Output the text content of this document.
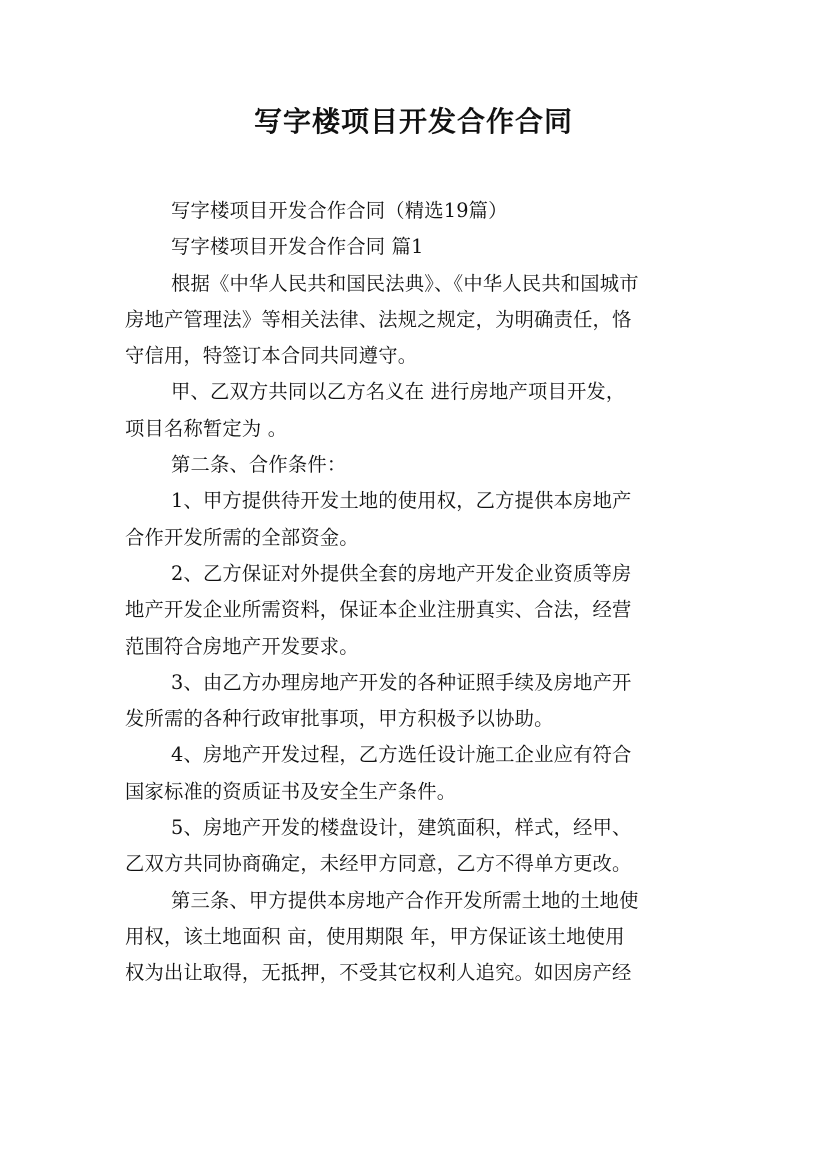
写字楼项目开发合作合同
写字楼项目开发合作合同（精选19篇）
写字楼项目开发合作合同 篇1
根据《中华人民共和国民法典》、《中华人民共和国城市
房地产管理法》等相关法律、法规之规定，为明确责任，恪
守信用，特签订本合同共同遵守。
甲、乙双方共同以乙方名义在 进行房地产项目开发，
项目名称暂定为 。
第二条、合作条件：
1、甲方提供待开发土地的使用权，乙方提供本房地产
合作开发所需的全部资金。
2、乙方保证对外提供全套的房地产开发企业资质等房
地产开发企业所需资料，保证本企业注册真实、合法，经营
范围符合房地产开发要求。
3、由乙方办理房地产开发的各种证照手续及房地产开
发所需的各种行政审批事项，甲方积极予以协助。
4、房地产开发过程，乙方选任设计施工企业应有符合
国家标准的资质证书及安全生产条件。
5、房地产开发的楼盘设计，建筑面积，样式，经甲、
乙双方共同协商确定，未经甲方同意，乙方不得单方更改。
第三条、甲方提供本房地产合作开发所需土地的土地使
用权，该土地面积 亩，使用期限 年，甲方保证该土地使用
权为出让取得，无抵押，不受其它权利人追究。如因房产经
